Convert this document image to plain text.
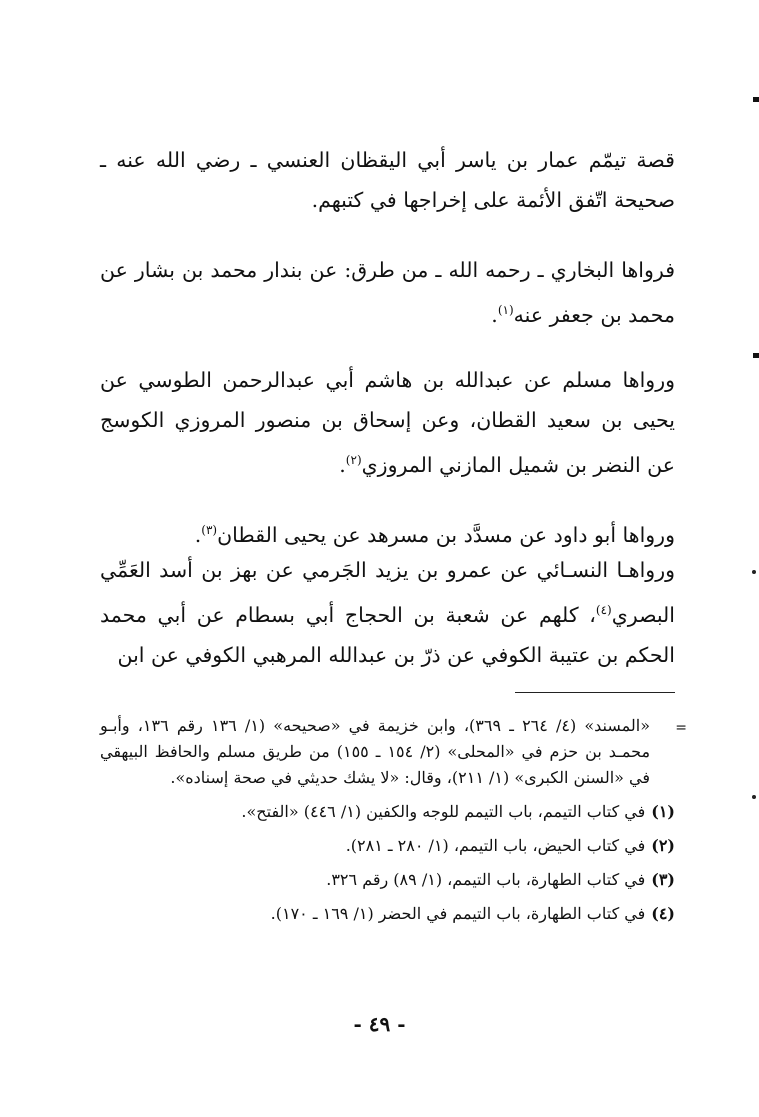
قصة تيمّم عمار بن ياسر أبي اليقظان العنسي ـ رضي الله عنه ـ صحيحة اتّفق الأئمة على إخراجها في كتبهم.

فرواها البخاري ـ رحمه الله ـ من طرق: عن بندار محمد بن بشار عن محمد بن جعفر عنه$^{(١)}$.

ورواها مسلم عن عبدالله بن هاشم أبي عبدالرحمن الطوسي عن يحيى بن سعيد القطان، وعن إسحاق بن منصور المروزي الكوسج عن النضر بن شميل المازني المروزي$^{(٢)}$.

ورواها أبو داود عن مسدَّد بن مسرهد عن يحيى القطان$^{(٣)}$.

ورواهـا النسـائي عن عمرو بن يزيد الجَرمي عن بهز بن أسد العَمِّي البصري$^{(٤)}$، كلهم عن شعبة بن الحجاج أبي بسطام عن أبي محمد الحكم بن عتيبة الكوفي عن ذرّ بن عبدالله المرهبي الكوفي عن ابن

=
«المسند» (٤/ ٢٦٤ ـ ٣٦٩)، وابن خزيمة في «صحيحه» (١/ ١٣٦ رقم ١٣٦، وأبـو محمـد بن حزم في «المحلى» (٢/ ١٥٤ ـ ١٥٥) من طريق مسلم والحافظ البيهقي في «السنن الكبرى» (١/ ٢١١)، وقال: «لا يشك حديثي في صحة إسناده».

(١)في كتاب التيمم، باب التيمم للوجه والكفين (١/ ٤٤٦) «الفتح».

(٢)في كتاب الحيض، باب التيمم، (١/ ٢٨٠ ـ ٢٨١).

(٣)في كتاب الطهارة، باب التيمم، (١/ ٨٩) رقم ٣٢٦.

(٤)في كتاب الطهارة، باب التيمم في الحضر (١/ ١٦٩ ـ ١٧٠).

- ٤٩ -
